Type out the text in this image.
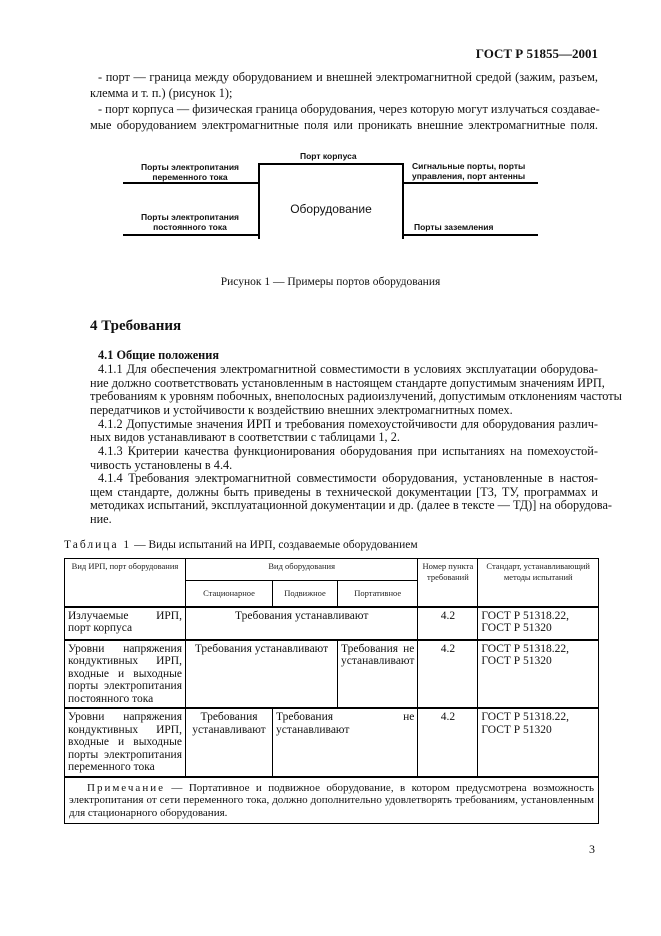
ГОСТ Р 51855—2001
- порт — граница между оборудованием и внешней электромагнитной средой (зажим, разъем,
клемма и т. п.) (рисунок 1);
- порт корпуса — физическая граница оборудования, через которую могут излучаться создавае-
мые оборудованием электромагнитные поля или проникать внешние электромагнитные поля.
Оборудование
Порт корпуса
Порты электропитания
переменного тока
Порты электропитания
постоянного тока
Сигнальные порты, порты
управления, порт антенны
Порты заземления
Рисунок 1 — Примеры портов оборудования
4 Требования
4.1 Общие положения
4.1.1 Для обеспечения электромагнитной совместимости в условиях эксплуатации оборудова-
ние должно соответствовать установленным в настоящем стандарте допустимым значениям ИРП,
требованиям к уровням побочных, внеполосных радиоизлучений, допустимым отклонениям частоты
передатчиков и устойчивости к воздействию внешних электромагнитных помех.
4.1.2 Допустимые значения ИРП и требования помехоустойчивости для оборудования различ-
ных видов устанавливают в соответствии с таблицами 1, 2.
4.1.3 Критерии качества функционирования оборудования при испытаниях на помехоустой-
чивость установлены в 4.4.
4.1.4 Требования электромагнитной совместимости оборудования, установленные в настоя-
щем стандарте, должны быть приведены в технической документации [ТЗ, ТУ, программах и
методиках испытаний, эксплуатационной документации и др. (далее в тексте — ТД)] на оборудова-
ние.
Таблица 1 — Виды испытаний на ИРП, создаваемые оборудованием
Вид ИРП, порт оборудования	Вид оборудования			Номер пункта требований	Стандарт, устанавливающий методы испытаний
	Стационарное	Подвижное	Портативное		
Излучаемые ИРП, порт корпуса	Требования устанавливают			4.2	ГОСТ Р 51318.22, ГОСТ Р 51320
Уровни напряжения кондуктивных ИРП, входные и выходные порты электропитания постоянного тока	Требования устанавливают		Требования не устанавливают	4.2	ГОСТ Р 51318.22, ГОСТ Р 51320
Уровни напряжения кондуктивных ИРП, входные и выходные порты электропитания переменного тока	Требования устанавливают	Требования не устанавливают		4.2	ГОСТ Р 51318.22, ГОСТ Р 51320
Примечание — Портативное и подвижное оборудование, в котором предусмотрена возможность электропитания от сети переменного тока, должно дополнительно удовлетворять требованиям, установленным для стационарного оборудования.					
3
